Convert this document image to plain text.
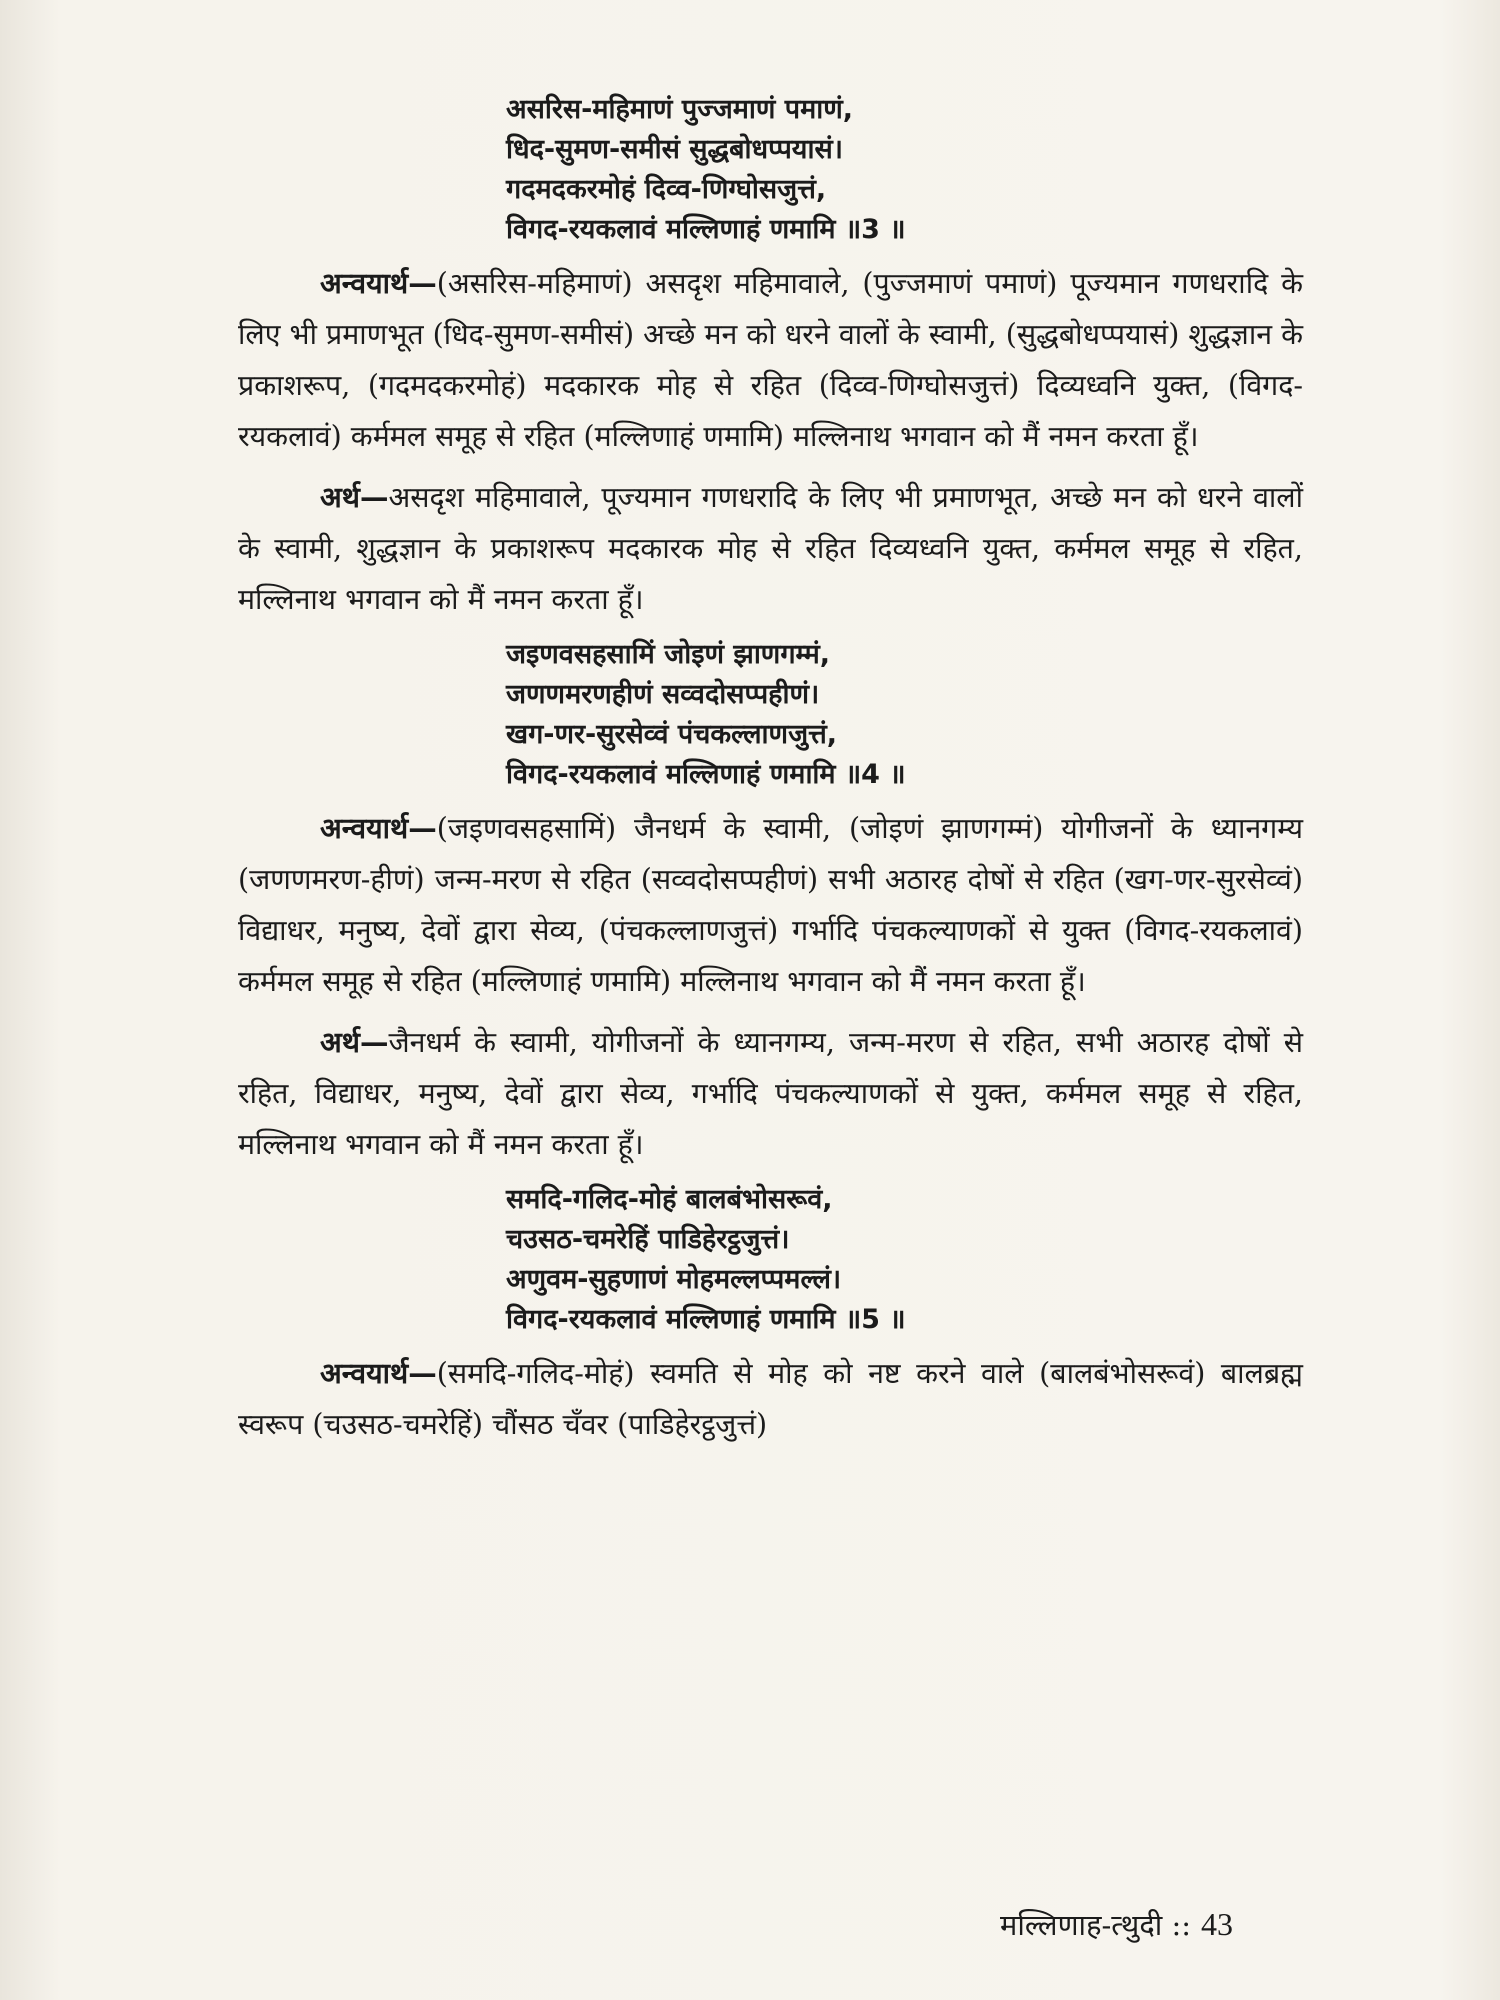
असरिस-महिमाणं पुज्जमाणं पमाणं,
धिद-सुमण-समीसं सुद्धबोधप्पयासं।
गदमदकरमोहं दिव्व-णिग्घोसजुत्तं,
विगद-रयकलावं मल्लिणाहं णमामि ॥3 ॥

अन्वयार्थ—(असरिस-महिमाणं) असदृश महिमावाले, (पुज्जमाणं पमाणं) पूज्यमान गणधरादि के लिए भी प्रमाणभूत (धिद-सुमण-समीसं) अच्छे मन को धरने वालों के स्वामी, (सुद्धबोधप्पयासं) शुद्धज्ञान के प्रकाशरूप, (गदमदकरमोहं) मदकारक मोह से रहित (दिव्व-णिग्घोसजुत्तं) दिव्यध्वनि युक्त, (विगद-रयकलावं) कर्ममल समूह से रहित (मल्लिणाहं णमामि) मल्लिनाथ भगवान को मैं नमन करता हूँ।

अर्थ—असदृश महिमावाले, पूज्यमान गणधरादि के लिए भी प्रमाणभूत, अच्छे मन को धरने वालों के स्वामी, शुद्धज्ञान के प्रकाशरूप मदकारक मोह से रहित दिव्यध्वनि युक्त, कर्ममल समूह से रहित, मल्लिनाथ भगवान को मैं नमन करता हूँ।

जइणवसहसामिं जोइणं झाणगम्मं,
जणणमरणहीणं सव्वदोसप्पहीणं।
खग-णर-सुरसेव्वं पंचकल्लाणजुत्तं,
विगद-रयकलावं मल्लिणाहं णमामि ॥4 ॥

अन्वयार्थ—(जइणवसहसामिं) जैनधर्म के स्वामी, (जोइणं झाणगम्मं) योगीजनों के ध्यानगम्य (जणणमरण-हीणं) जन्म-मरण से रहित (सव्वदोसप्पहीणं) सभी अठारह दोषों से रहित (खग-णर-सुरसेव्वं) विद्याधर, मनुष्य, देवों द्वारा सेव्य, (पंचकल्लाणजुत्तं) गर्भादि पंचकल्याणकों से युक्त (विगद-रयकलावं) कर्ममल समूह से रहित (मल्लिणाहं णमामि) मल्लिनाथ भगवान को मैं नमन करता हूँ।

अर्थ—जैनधर्म के स्वामी, योगीजनों के ध्यानगम्य, जन्म-मरण से रहित, सभी अठारह दोषों से रहित, विद्याधर, मनुष्य, देवों द्वारा सेव्य, गर्भादि पंचकल्याणकों से युक्त, कर्ममल समूह से रहित, मल्लिनाथ भगवान को मैं नमन करता हूँ।

समदि-गलिद-मोहं बालबंभोसरूवं,
चउसठ-चमरेहिं पाडिहेरट्ठजुत्तं।
अणुवम-सुहणाणं मोहमल्लप्पमल्लं।
विगद-रयकलावं मल्लिणाहं णमामि ॥5 ॥

अन्वयार्थ—(समदि-गलिद-मोहं) स्वमति से मोह को नष्ट करने वाले (बालबंभोसरूवं) बालब्रह्म स्वरूप (चउसठ-चमरेहिं) चौंसठ चँवर (पाडिहेरट्ठजुत्तं)

मल्लिणाह-त्थुदी :: 43
